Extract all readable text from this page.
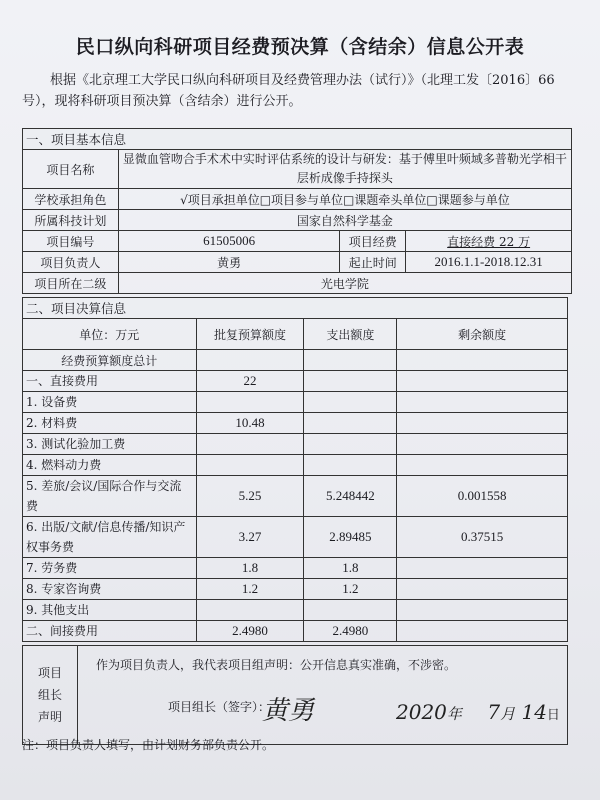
民口纵向科研项目经费预决算（含结余）信息公开表
根据《北京理工大学民口纵向科研项目及经费管理办法（试行）》（北理工发〔2016〕66号），现将科研项目预决算（含结余）进行公开。
一、项目基本信息			
项目名称	显微血管吻合手术术中实时评估系统的设计与研发：基于傅里叶频域多普勒光学相干层析成像手持探头		
学校承担角色	√项目承担单位□项目参与单位□课题牵头单位□课题参与单位		
所属科技计划	国家自然科学基金		
项目编号	61505006	项目经费	直接经费 22 万
项目负责人	黄勇	起止时间	2016.1.1-2018.12.31
项目所在二级	光电学院		
二、项目决算信息			
单位：万元	批复预算额度	支出额度	剩余额度
经费预算额度总计			
一、直接费用	22		
1. 设备费			
2. 材料费	10.48		
3. 测试化验加工费			
4. 燃料动力费			
5. 差旅/会议/国际合作与交流费	5.25	5.248442	0.001558
6. 出版/文献/信息传播/知识产权事务费	3.27	2.89485	0.37515
7. 劳务费	1.8	1.8	
8. 专家咨询费	1.2	1.2	
9. 其他支出			
二、间接费用	2.4980	2.4980	
项目组长声明	
作为项目负责人，我代表项目组声明：公开信息真实准确，不涉密。
项目组长（签字）：
黄勇	2020年 7月 14日
注：项目负责人填写，由计划财务部负责公开。
